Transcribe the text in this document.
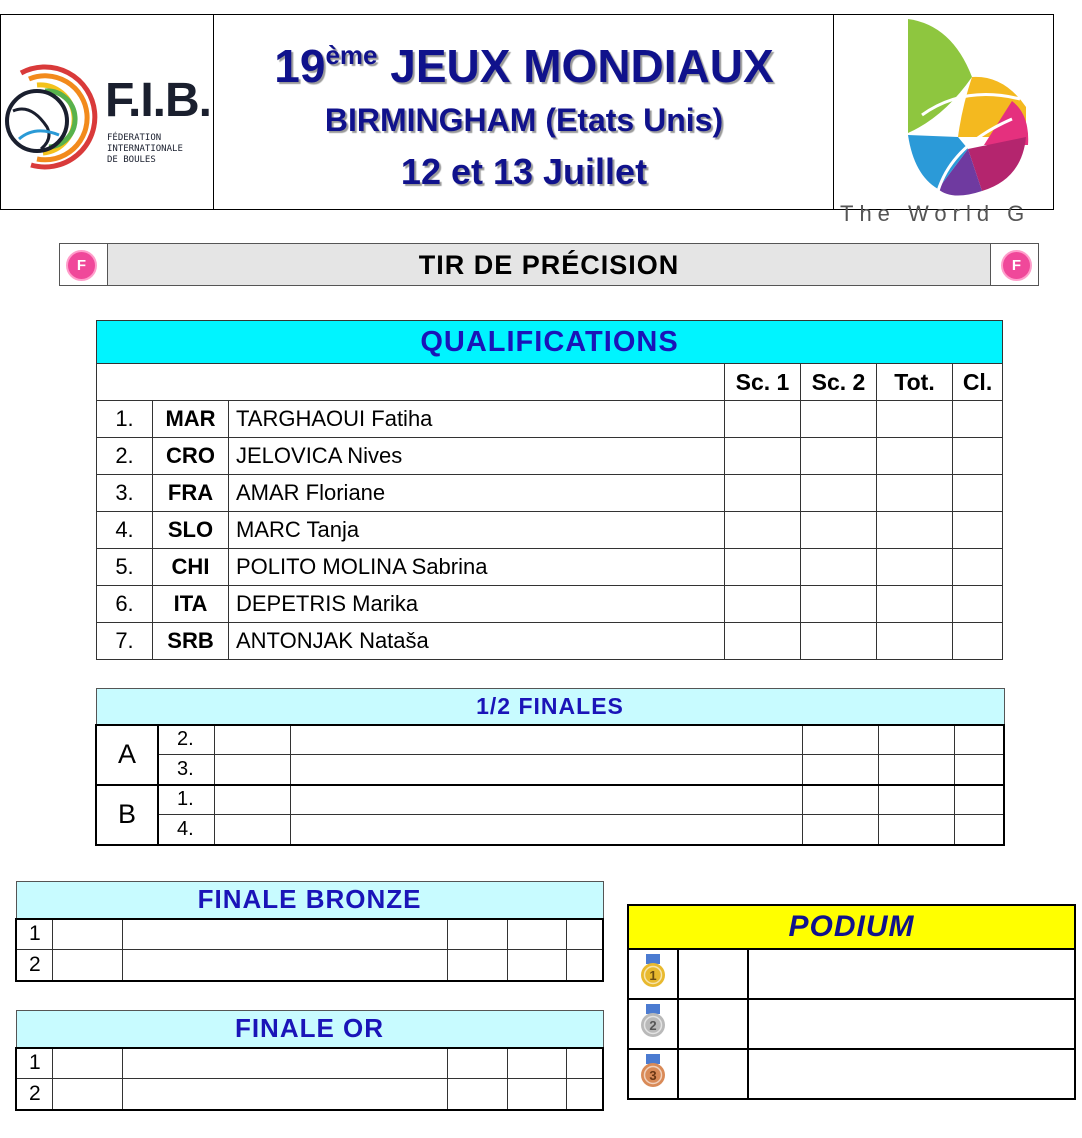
F.I.B.
FÉDERATION
INTERNATIONALE
DE BOULES
19ème JEUX MONDIAUX
BIRMINGHAM (Etats Unis)
12 et 13 Juillet
The World G
F	TIR DE PRÉCISION	F
QUALIFICATIONS						
			Sc. 1	Sc. 2	Tot.	Cl.
1.	MAR	TARGHAOUI Fatiha				
2.	CRO	JELOVICA Nives				
3.	FRA	AMAR Floriane				
4.	SLO	MARC Tanja				
5.	CHI	POLITO MOLINA Sabrina				
6.	ITA	DEPETRIS Marika				
7.	SRB	ANTONJAK Nataša				
1/2 FINALES						
A	2.					
	3.					
B	1.					
	4.					
FINALE BRONZE					
1					
2					
FINALE OR					
1					
2					
PODIUM		

1		

2		

3		
